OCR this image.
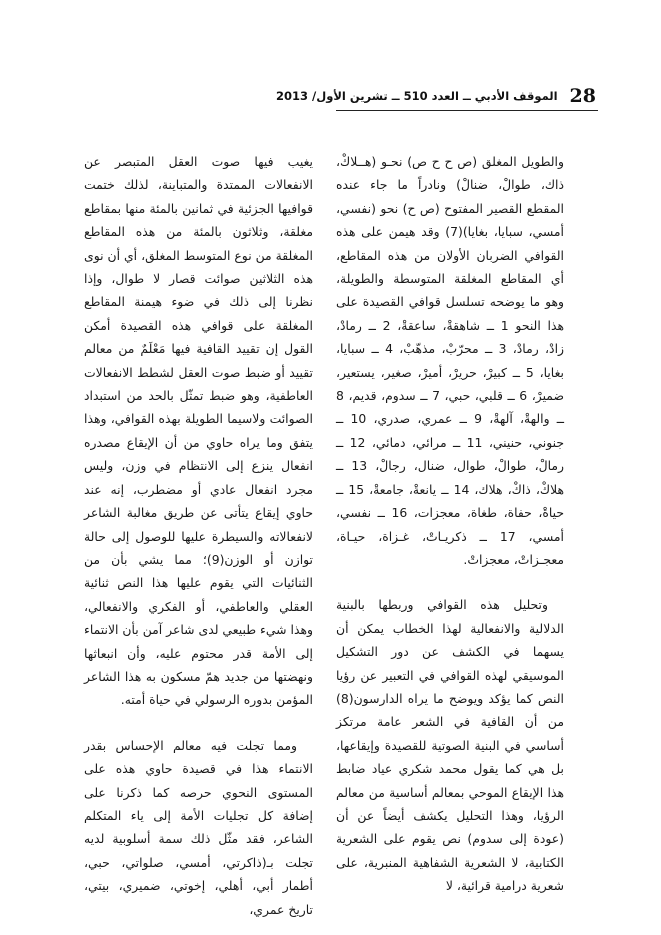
28
الموقف الأدبي ــ العدد 510 ــ تشرين الأول/ 2013

والطويل المغلق (ص ح ح ص) نحـو (هــلاكْ، ذاك، طوالْ، ضنالْ) ونادراً ما جاء عنده المقطع القصير المفتوح (ص ح) نحو (نفسي، أمسي، سبايا، بغايا)(7) وقد هيمن على هذه القوافي الضربان الأولان من هذه المقاطع، أي المقاطع المغلقة المتوسطة والطويلة، وهو ما يوضحه تسلسل قوافي القصيدة على هذا النحو 1 ــ شاهقةْ، ساعقةْ، 2 ــ رمادْ، زادْ، رمادْ، 3 ــ محرّبْ، مذهّبْ، 4 ــ سبايا، بغايا، 5 ــ كبيرْ، حريرْ، أميرْ، صغير، يستعير، ضميرْ، 6 ــ قلبي، حبي، 7 ــ سدوم، قديم، 8 ــ والهةْ، آلهةْ، 9 ــ عمري، صدري، 10 ــ جنوني، حنيني، 11 ــ مرائي، دمائي، 12 ــ رمالْ، طوالْ، طوال، ضنال، رجالْ، 13 ــ هلاكْ، ذاكْ، هلاك، 14 ــ يانعةْ، جامعةْ، 15 ــ حياةْ، حفاة، طغاة، معجزات، 16 ــ نفسي، أمسي، 17 ــ ذكريـاتْ، غـزاة، حيـاة، معجـزاتْ، معجزاتْ.

وتحليل هذه القوافي وربطها بالبنية الدلالية والانفعالية لهذا الخطاب يمكن أن يسهما في الكشف عن دور التشكيل الموسيقي لهذه القوافي في التعبير عن رؤيا النص كما يؤكد ويوضح ما يراه الدارسون(8) من أن القافية في الشعر عامة مرتكز أساسي في البنية الصوتية للقصيدة وإيقاعها، بل هي كما يقول محمد شكري عياد ضابط هذا الإيقاع الموحي بمعالم أساسية من معالم الرؤيا، وهذا التحليل يكشف أيضاً عن أن (عودة إلى سدوم) نص يقوم على الشعرية الكتابية، لا الشعرية الشفاهية المنبرية، على شعرية درامية قرائية، لا

يغيب فيها صوت العقل المتبصر عن الانفعالات الممتدة والمتباينة، لذلك ختمت قوافيها الجزئية في ثمانين بالمئة منها بمقاطع مغلقة، وثلاثون بالمئة من هذه المقاطع المغلقة من نوع المتوسط المغلق، أي أن نوى هذه الثلاثين صوائت قصار لا طوال، وإذا نظرنا إلى ذلك في ضوء هيمنة المقاطع المغلقة على قوافي هذه القصيدة أمكن القول إن تقييد القافية فيها مَعْلَمٌ من معالم تقييد أو ضبط صوت العقل لشطط الانفعالات العاطفية، وهو ضبط تمثّل بالحد من استبداد الصوائت ولاسيما الطويلة بهذه القوافي، وهذا يتفق وما يراه حاوي من أن الإيقاع مصدره انفعال ينزع إلى الانتظام في وزن، وليس مجرد انفعال عادي أو مضطرب، إنه عند حاوي إيقاع يتأتى عن طريق مغالبة الشاعر لانفعالاته والسيطرة عليها للوصول إلى حالة توازن أو الوزن(9)؛ مما يشي بأن من الثنائيات التي يقوم عليها هذا النص ثنائية العقلي والعاطفي، أو الفكري والانفعالي، وهذا شيء طبيعي لدى شاعر آمن بأن الانتماء إلى الأمة قدر محتوم عليه، وأن انبعاثها ونهضتها من جديد همّ مسكون به هذا الشاعر المؤمن بدوره الرسولي في حياة أمته.

ومما تجلت فيه معالم الإحساس بقدر الانتماء هذا في قصيدة حاوي هذه على المستوى النحوي حرصه كما ذكرنا على إضافة كل تجليات الأمة إلى ياء المتكلم الشاعر، فقد مثّل ذلك سمة أسلوبية لديه تجلت بـ(ذاكرتي، أمسي، صلواتي، حبي، أطمار أبي، أهلي، إخوتي، ضميري، بيتي، تاريخ عمري،
